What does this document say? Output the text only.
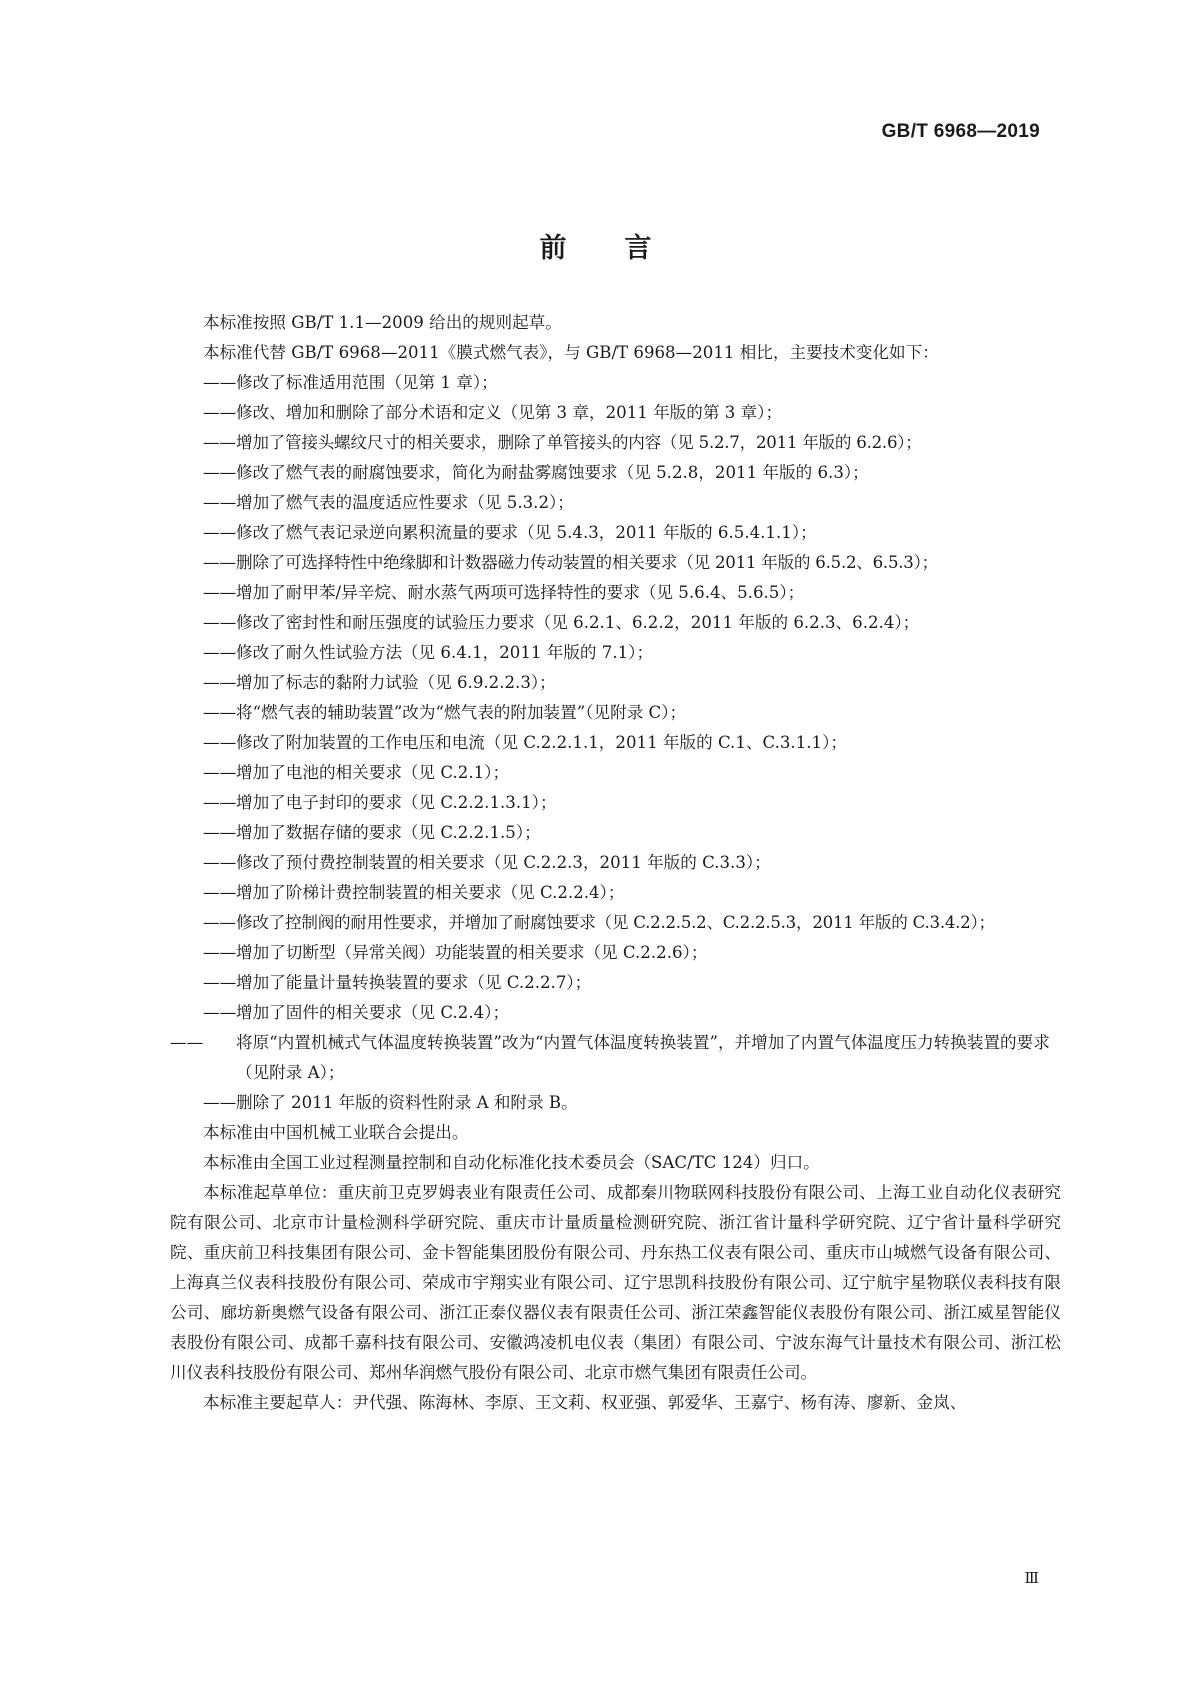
GB/T 6968—2019
前 言

本标准按照 GB/T 1.1—2009 给出的规则起草。

本标准代替 GB/T 6968—2011《膜式燃气表》，与 GB/T 6968—2011 相比，主要技术变化如下：

——修改了标准适用范围（见第 1 章）；

——修改、增加和删除了部分术语和定义（见第 3 章，2011 年版的第 3 章）；

——增加了管接头螺纹尺寸的相关要求，删除了单管接头的内容（见 5.2.7，2011 年版的 6.2.6）；

——修改了燃气表的耐腐蚀要求，简化为耐盐雾腐蚀要求（见 5.2.8，2011 年版的 6.3）；

——增加了燃气表的温度适应性要求（见 5.3.2）；

——修改了燃气表记录逆向累积流量的要求（见 5.4.3，2011 年版的 6.5.4.1.1）；

——删除了可选择特性中绝缘脚和计数器磁力传动装置的相关要求（见 2011 年版的 6.5.2、6.5.3）；

——增加了耐甲苯/异辛烷、耐水蒸气两项可选择特性的要求（见 5.6.4、5.6.5）；

——修改了密封性和耐压强度的试验压力要求（见 6.2.1、6.2.2，2011 年版的 6.2.3、6.2.4）；

——修改了耐久性试验方法（见 6.4.1，2011 年版的 7.1）；

——增加了标志的黏附力试验（见 6.9.2.2.3）；

——将“燃气表的辅助装置”改为“燃气表的附加装置”（见附录 C）；

——修改了附加装置的工作电压和电流（见 C.2.2.1.1，2011 年版的 C.1、C.3.1.1）；

——增加了电池的相关要求（见 C.2.1）；

——增加了电子封印的要求（见 C.2.2.1.3.1）；

——增加了数据存储的要求（见 C.2.2.1.5）；

——修改了预付费控制装置的相关要求（见 C.2.2.3，2011 年版的 C.3.3）；

——增加了阶梯计费控制装置的相关要求（见 C.2.2.4）；

——修改了控制阀的耐用性要求，并增加了耐腐蚀要求（见 C.2.2.5.2、C.2.2.5.3，2011 年版的 C.3.4.2）；

——增加了切断型（异常关阀）功能装置的相关要求（见 C.2.2.6）；

——增加了能量计量转换装置的要求（见 C.2.2.7）；

——增加了固件的相关要求（见 C.2.4）；

—— 将原“内置机械式气体温度转换装置”改为“内置气体温度转换装置”，并增加了内置气体温度压力转换装置的要求（见附录 A）；

——删除了 2011 年版的资料性附录 A 和附录 B。

本标准由中国机械工业联合会提出。

本标准由全国工业过程测量控制和自动化标准化技术委员会（SAC/TC 124）归口。

本标准起草单位：重庆前卫克罗姆表业有限责任公司、成都秦川物联网科技股份有限公司、上海工业自动化仪表研究院有限公司、北京市计量检测科学研究院、重庆市计量质量检测研究院、浙江省计量科学研究院、辽宁省计量科学研究院、重庆前卫科技集团有限公司、金卡智能集团股份有限公司、丹东热工仪表有限公司、重庆市山城燃气设备有限公司、上海真兰仪表科技股份有限公司、荣成市宇翔实业有限公司、辽宁思凯科技股份有限公司、辽宁航宇星物联仪表科技有限公司、廊坊新奥燃气设备有限公司、浙江正泰仪器仪表有限责任公司、浙江荣鑫智能仪表股份有限公司、浙江威星智能仪表股份有限公司、成都千嘉科技有限公司、安徽鸿凌机电仪表（集团）有限公司、宁波东海气计量技术有限公司、浙江松川仪表科技股份有限公司、郑州华润燃气股份有限公司、北京市燃气集团有限责任公司。

本标准主要起草人：尹代强、陈海林、李原、王文莉、权亚强、郭爱华、王嘉宁、杨有涛、廖新、金岚、

Ⅲ
